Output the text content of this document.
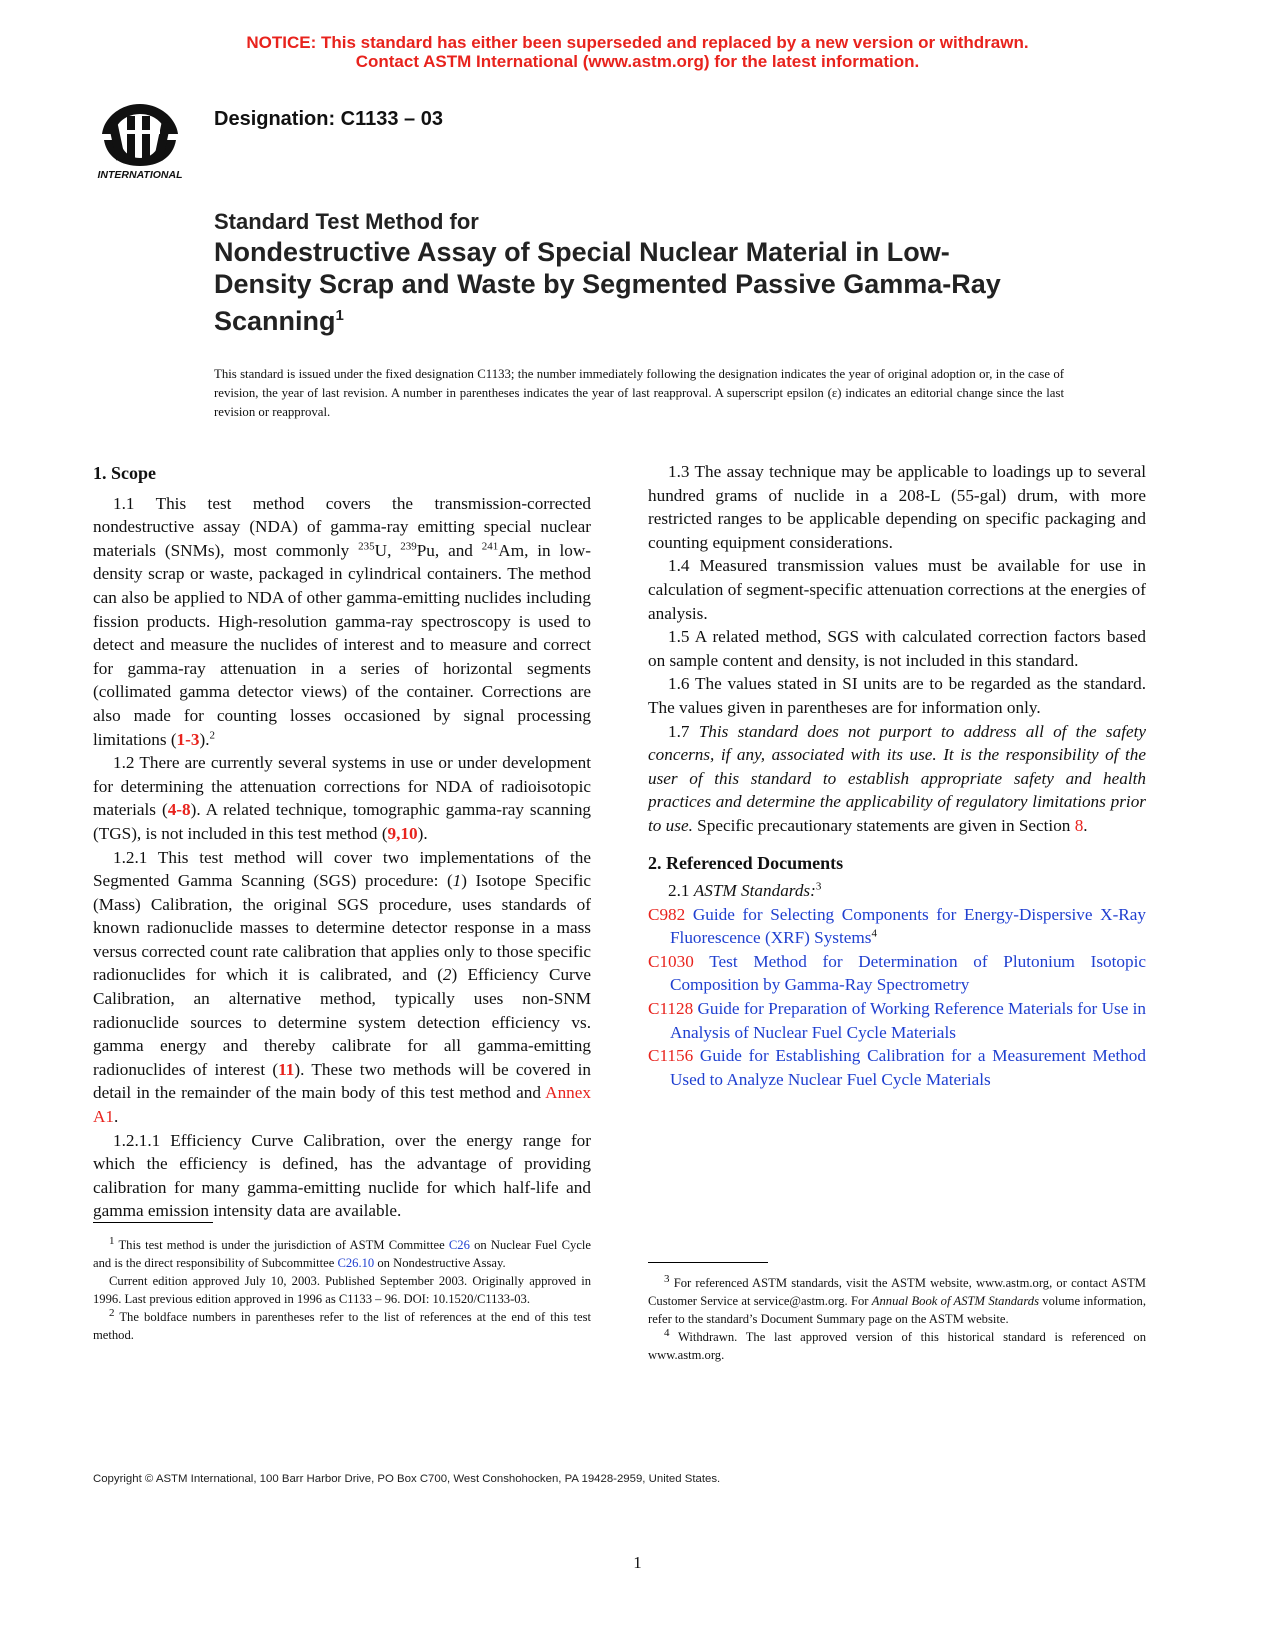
NOTICE: This standard has either been superseded and replaced by a new version or withdrawn.
Contact ASTM International (www.astm.org) for the latest information.
INTERNATIONAL
Designation: C1133 – 03
Standard Test Method for
Nondestructive Assay of Special Nuclear Material in Low-Density Scrap and Waste by Segmented Passive Gamma-Ray Scanning$^1$
This standard is issued under the fixed designation C1133; the number immediately following the designation indicates the year of original adoption or, in the case of revision, the year of last revision. A number in parentheses indicates the year of last reapproval. A superscript epsilon (ε) indicates an editorial change since the last revision or reapproval.

1. Scope

1.1 This test method covers the transmission-corrected nondestructive assay (NDA) of gamma-ray emitting special nuclear materials (SNMs), most commonly $^{235}$U, $^{239}$Pu, and $^{241}$Am, in low-density scrap or waste, packaged in cylindrical containers. The method can also be applied to NDA of other gamma-emitting nuclides including fission products. High-resolution gamma-ray spectroscopy is used to detect and measure the nuclides of interest and to measure and correct for gamma-ray attenuation in a series of horizontal segments (collimated gamma detector views) of the container. Corrections are also made for counting losses occasioned by signal processing limitations (1-3).$^2$

1.2 There are currently several systems in use or under development for determining the attenuation corrections for NDA of radioisotopic materials (4-8). A related technique, tomographic gamma-ray scanning (TGS), is not included in this test method (9,10).

1.2.1 This test method will cover two implementations of the Segmented Gamma Scanning (SGS) procedure: (1) Isotope Specific (Mass) Calibration, the original SGS procedure, uses standards of known radionuclide masses to determine detector response in a mass versus corrected count rate calibration that applies only to those specific radionuclides for which it is calibrated, and (2) Efficiency Curve Calibration, an alternative method, typically uses non-SNM radionuclide sources to determine system detection efficiency vs. gamma energy and thereby calibrate for all gamma-emitting radionuclides of interest (11). These two methods will be covered in detail in the remainder of the main body of this test method and Annex A1.

1.2.1.1 Efficiency Curve Calibration, over the energy range for which the efficiency is defined, has the advantage of providing calibration for many gamma-emitting nuclide for which half-life and gamma emission intensity data are available.

$^1$ This test method is under the jurisdiction of ASTM Committee C26 on Nuclear Fuel Cycle and is the direct responsibility of Subcommittee C26.10 on Nondestructive Assay.

Current edition approved July 10, 2003. Published September 2003. Originally approved in 1996. Last previous edition approved in 1996 as C1133 – 96. DOI: 10.1520/C1133-03.

$^2$ The boldface numbers in parentheses refer to the list of references at the end of this test method.

1.3 The assay technique may be applicable to loadings up to several hundred grams of nuclide in a 208-L (55-gal) drum, with more restricted ranges to be applicable depending on specific packaging and counting equipment considerations.

1.4 Measured transmission values must be available for use in calculation of segment-specific attenuation corrections at the energies of analysis.

1.5 A related method, SGS with calculated correction factors based on sample content and density, is not included in this standard.

1.6 The values stated in SI units are to be regarded as the standard. The values given in parentheses are for information only.

1.7 This standard does not purport to address all of the safety concerns, if any, associated with its use. It is the responsibility of the user of this standard to establish appropriate safety and health practices and determine the applicability of regulatory limitations prior to use. Specific precautionary statements are given in Section 8.

2. Referenced Documents

2.1 ASTM Standards:$^3$

C982 Guide for Selecting Components for Energy-Dispersive X-Ray Fluorescence (XRF) Systems$^4$

C1030 Test Method for Determination of Plutonium Isotopic Composition by Gamma-Ray Spectrometry

C1128 Guide for Preparation of Working Reference Materials for Use in Analysis of Nuclear Fuel Cycle Materials

C1156 Guide for Establishing Calibration for a Measurement Method Used to Analyze Nuclear Fuel Cycle Materials

$^3$ For referenced ASTM standards, visit the ASTM website, www.astm.org, or contact ASTM Customer Service at service@astm.org. For Annual Book of ASTM Standards volume information, refer to the standard’s Document Summary page on the ASTM website.

$^4$ Withdrawn. The last approved version of this historical standard is referenced on www.astm.org.

Copyright © ASTM International, 100 Barr Harbor Drive, PO Box C700, West Conshohocken, PA 19428-2959, United States.
1
